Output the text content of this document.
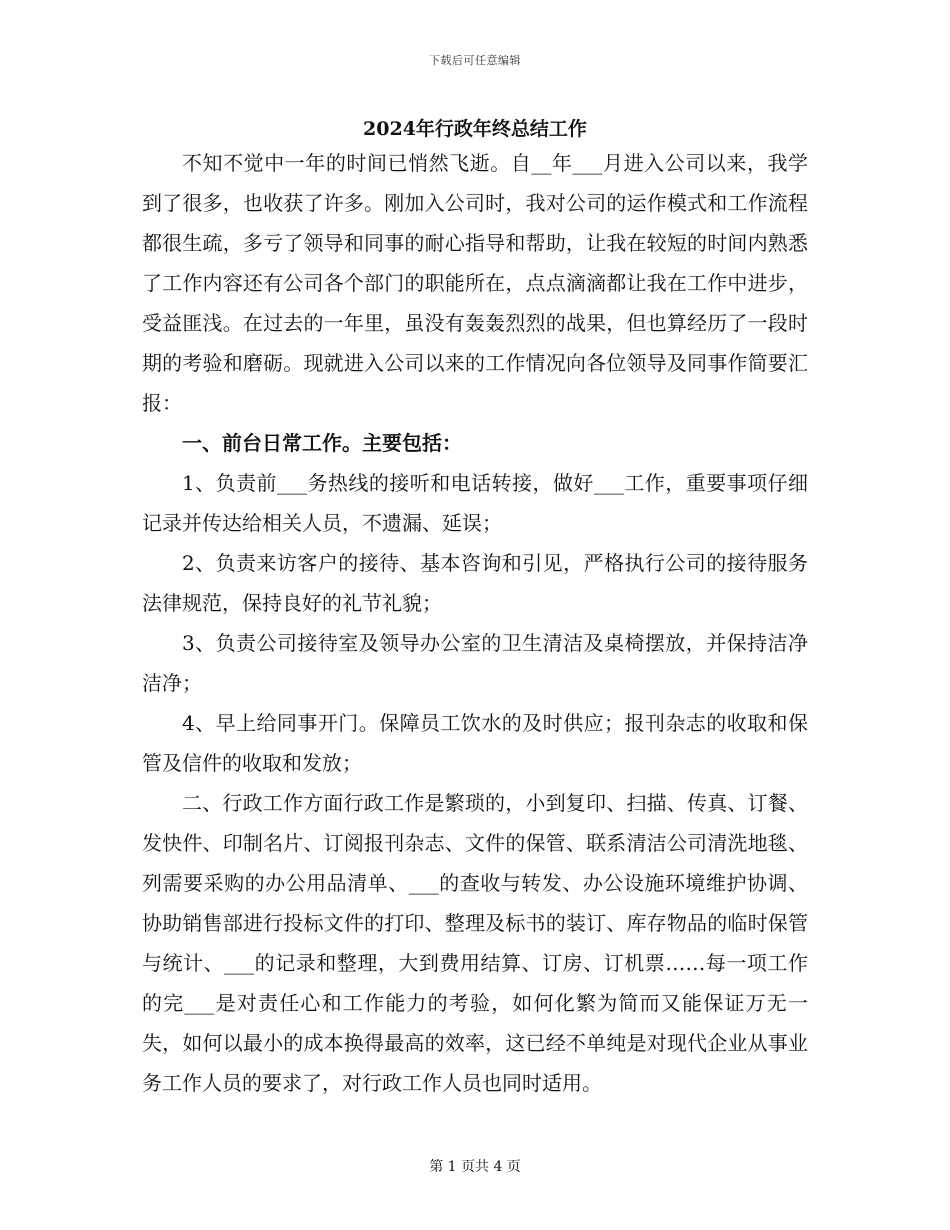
下载后可任意编辑
2024年行政年终总结工作

不知不觉中一年的时间已悄然飞逝。自__年___月进入公司以来，我学到了很多，也收获了许多。刚加入公司时，我对公司的运作模式和工作流程都很生疏，多亏了领导和同事的耐心指导和帮助，让我在较短的时间内熟悉了工作内容还有公司各个部门的职能所在，点点滴滴都让我在工作中进步，受益匪浅。在过去的一年里，虽没有轰轰烈烈的战果，但也算经历了一段时期的考验和磨砺。现就进入公司以来的工作情况向各位领导及同事作简要汇报：

一、前台日常工作。主要包括：

1、负责前___务热线的接听和电话转接，做好___工作，重要事项仔细记录并传达给相关人员，不遗漏、延误；

2、负责来访客户的接待、基本咨询和引见，严格执行公司的接待服务法律规范，保持良好的礼节礼貌；

3、负责公司接待室及领导办公室的卫生清洁及桌椅摆放，并保持洁净洁净；

4、早上给同事开门。保障员工饮水的及时供应；报刊杂志的收取和保管及信件的收取和发放；

二、行政工作方面行政工作是繁琐的，小到复印、扫描、传真、订餐、发快件、印制名片、订阅报刊杂志、文件的保管、联系清洁公司清洗地毯、列需要采购的办公用品清单、___的查收与转发、办公设施环境维护协调、协助销售部进行投标文件的打印、整理及标书的装订、库存物品的临时保管与统计、___的记录和整理，大到费用结算、订房、订机票……每一项工作的完___是对责任心和工作能力的考验，如何化繁为简而又能保证万无一失，如何以最小的成本换得最高的效率，这已经不单纯是对现代企业从事业务工作人员的要求了，对行政工作人员也同时适用。

第 1 页共 4 页
